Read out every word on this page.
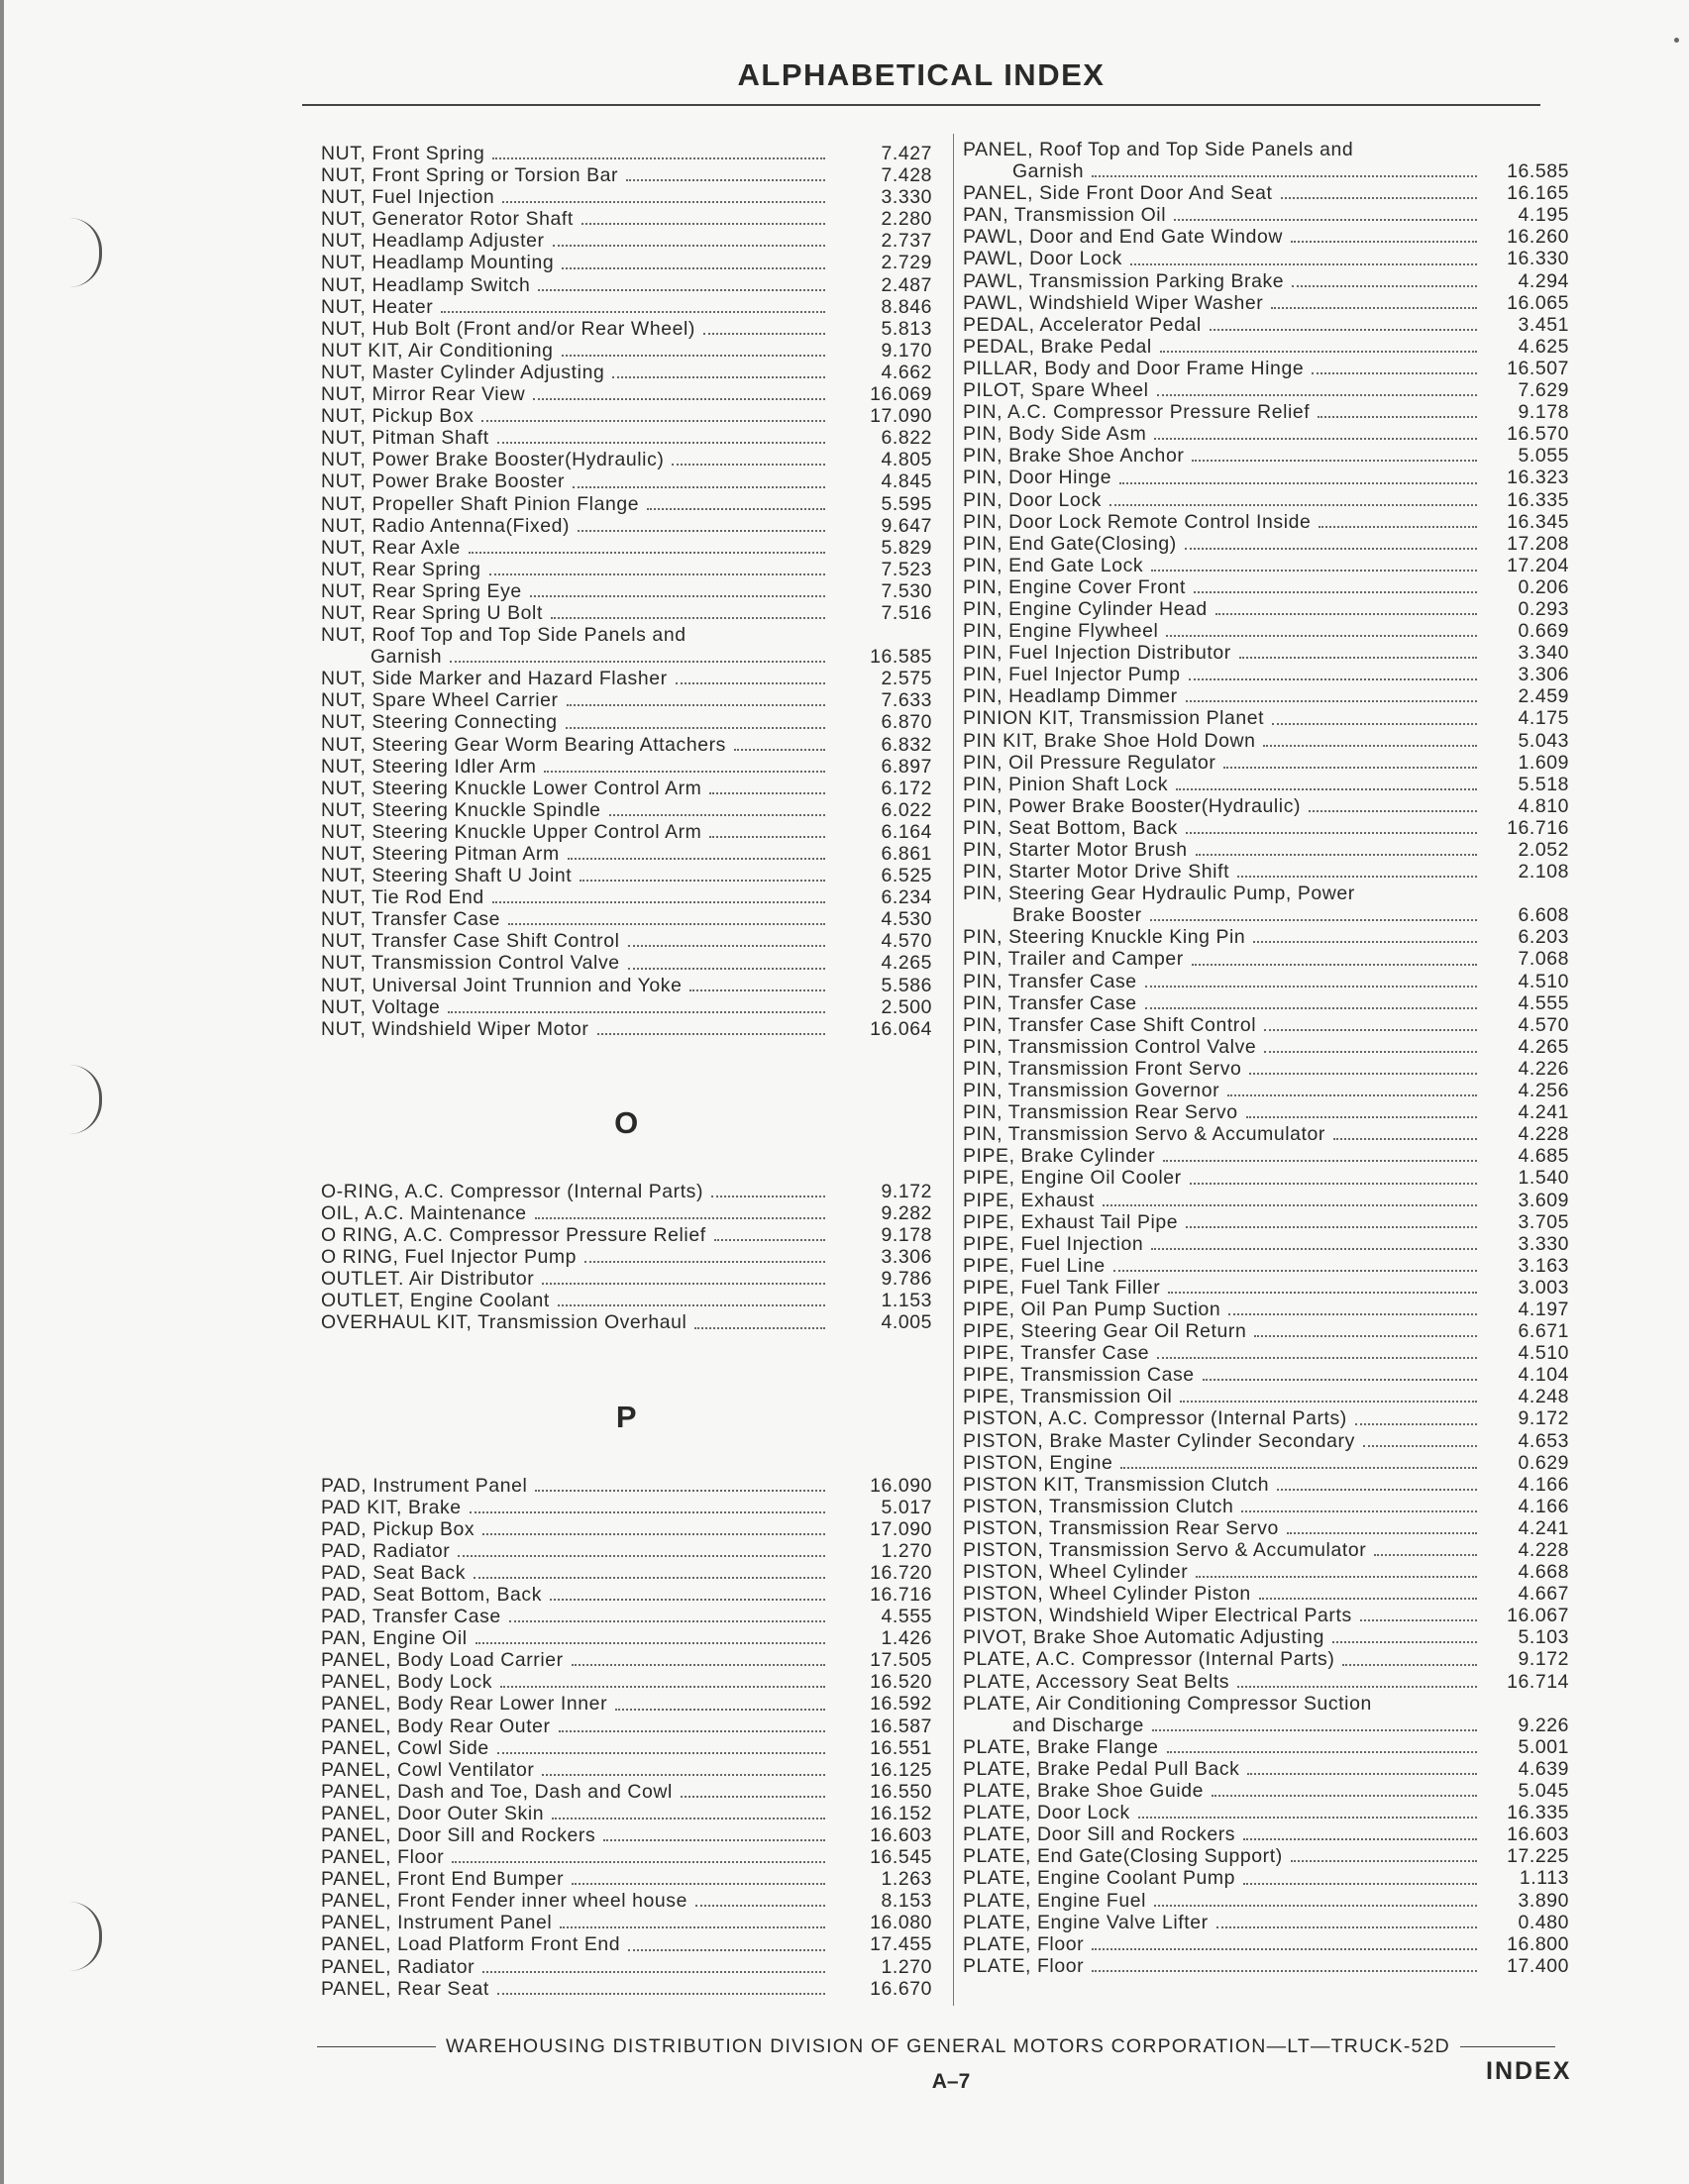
ALPHABETICAL INDEX
NUT, Front Spring	7.427
NUT, Front Spring or Torsion Bar	7.428
NUT, Fuel Injection	3.330
NUT, Generator Rotor Shaft	2.280
NUT, Headlamp Adjuster	2.737
NUT, Headlamp Mounting	2.729
NUT, Headlamp Switch	2.487
NUT, Heater	8.846
NUT, Hub Bolt (Front and/or Rear Wheel)	5.813
NUT KIT, Air Conditioning	9.170
NUT, Master Cylinder Adjusting	4.662
NUT, Mirror Rear View	16.069
NUT, Pickup Box	17.090
NUT, Pitman Shaft	6.822
NUT, Power Brake Booster(Hydraulic)	4.805
NUT, Power Brake Booster	4.845
NUT, Propeller Shaft Pinion Flange	5.595
NUT, Radio Antenna(Fixed)	9.647
NUT, Rear Axle	5.829
NUT, Rear Spring	7.523
NUT, Rear Spring Eye	7.530
NUT, Rear Spring U Bolt	7.516
NUT, Roof Top and Top Side Panels and
Garnish	16.585
NUT, Side Marker and Hazard Flasher	2.575
NUT, Spare Wheel Carrier	7.633
NUT, Steering Connecting	6.870
NUT, Steering Gear Worm Bearing Attachers	6.832
NUT, Steering Idler Arm	6.897
NUT, Steering Knuckle Lower Control Arm	6.172
NUT, Steering Knuckle Spindle	6.022
NUT, Steering Knuckle Upper Control Arm	6.164
NUT, Steering Pitman Arm	6.861
NUT, Steering Shaft U Joint	6.525
NUT, Tie Rod End	6.234
NUT, Transfer Case	4.530
NUT, Transfer Case Shift Control	4.570
NUT, Transmission Control Valve	4.265
NUT, Universal Joint Trunnion and Yoke	5.586
NUT, Voltage	2.500
NUT, Windshield Wiper Motor	16.064
O
O-RING, A.C. Compressor (Internal Parts)	9.172
OIL, A.C. Maintenance	9.282
O RING, A.C. Compressor Pressure Relief	9.178
O RING, Fuel Injector Pump	3.306
OUTLET. Air Distributor	9.786
OUTLET, Engine Coolant	1.153
OVERHAUL KIT, Transmission Overhaul	4.005
P
PAD, Instrument Panel	16.090
PAD KIT, Brake	5.017
PAD, Pickup Box	17.090
PAD, Radiator	1.270
PAD, Seat Back	16.720
PAD, Seat Bottom, Back	16.716
PAD, Transfer Case	4.555
PAN, Engine Oil	1.426
PANEL, Body Load Carrier	17.505
PANEL, Body Lock	16.520
PANEL, Body Rear Lower Inner	16.592
PANEL, Body Rear Outer	16.587
PANEL, Cowl Side	16.551
PANEL, Cowl Ventilator	16.125
PANEL, Dash and Toe, Dash and Cowl	16.550
PANEL, Door Outer Skin	16.152
PANEL, Door Sill and Rockers	16.603
PANEL, Floor	16.545
PANEL, Front End Bumper	1.263
PANEL, Front Fender inner wheel house	8.153
PANEL, Instrument Panel	16.080
PANEL, Load Platform Front End	17.455
PANEL, Radiator	1.270
PANEL, Rear Seat	16.670
PANEL, Roof Top and Top Side Panels and
Garnish	16.585
PANEL, Side Front Door And Seat	16.165
PAN, Transmission Oil	4.195
PAWL, Door and End Gate Window	16.260
PAWL, Door Lock	16.330
PAWL, Transmission Parking Brake	4.294
PAWL, Windshield Wiper Washer	16.065
PEDAL, Accelerator Pedal	3.451
PEDAL, Brake Pedal	4.625
PILLAR, Body and Door Frame Hinge	16.507
PILOT, Spare Wheel	7.629
PIN, A.C. Compressor Pressure Relief	9.178
PIN, Body Side Asm	16.570
PIN, Brake Shoe Anchor	5.055
PIN, Door Hinge	16.323
PIN, Door Lock	16.335
PIN, Door Lock Remote Control Inside	16.345
PIN, End Gate(Closing)	17.208
PIN, End Gate Lock	17.204
PIN, Engine Cover Front	0.206
PIN, Engine Cylinder Head	0.293
PIN, Engine Flywheel	0.669
PIN, Fuel Injection Distributor	3.340
PIN, Fuel Injector Pump	3.306
PIN, Headlamp Dimmer	2.459
PINION KIT, Transmission Planet	4.175
PIN KIT, Brake Shoe Hold Down	5.043
PIN, Oil Pressure Regulator	1.609
PIN, Pinion Shaft Lock	5.518
PIN, Power Brake Booster(Hydraulic)	4.810
PIN, Seat Bottom, Back	16.716
PIN, Starter Motor Brush	2.052
PIN, Starter Motor Drive Shift	2.108
PIN, Steering Gear Hydraulic Pump, Power
Brake Booster	6.608
PIN, Steering Knuckle King Pin	6.203
PIN, Trailer and Camper	7.068
PIN, Transfer Case	4.510
PIN, Transfer Case	4.555
PIN, Transfer Case Shift Control	4.570
PIN, Transmission Control Valve	4.265
PIN, Transmission Front Servo	4.226
PIN, Transmission Governor	4.256
PIN, Transmission Rear Servo	4.241
PIN, Transmission Servo & Accumulator	4.228
PIPE, Brake Cylinder	4.685
PIPE, Engine Oil Cooler	1.540
PIPE, Exhaust	3.609
PIPE, Exhaust Tail Pipe	3.705
PIPE, Fuel Injection	3.330
PIPE, Fuel Line	3.163
PIPE, Fuel Tank Filler	3.003
PIPE, Oil Pan Pump Suction	4.197
PIPE, Steering Gear Oil Return	6.671
PIPE, Transfer Case	4.510
PIPE, Transmission Case	4.104
PIPE, Transmission Oil	4.248
PISTON, A.C. Compressor (Internal Parts)	9.172
PISTON, Brake Master Cylinder Secondary	4.653
PISTON, Engine	0.629
PISTON KIT, Transmission Clutch	4.166
PISTON, Transmission Clutch	4.166
PISTON, Transmission Rear Servo	4.241
PISTON, Transmission Servo & Accumulator	4.228
PISTON, Wheel Cylinder	4.668
PISTON, Wheel Cylinder Piston	4.667
PISTON, Windshield Wiper Electrical Parts	16.067
PIVOT, Brake Shoe Automatic Adjusting	5.103
PLATE, A.C. Compressor (Internal Parts)	9.172
PLATE, Accessory Seat Belts	16.714
PLATE, Air Conditioning Compressor Suction
and Discharge	9.226
PLATE, Brake Flange	5.001
PLATE, Brake Pedal Pull Back	4.639
PLATE, Brake Shoe Guide	5.045
PLATE, Door Lock	16.335
PLATE, Door Sill and Rockers	16.603
PLATE, End Gate(Closing Support)	17.225
PLATE, Engine Coolant Pump	1.113
PLATE, Engine Fuel	3.890
PLATE, Engine Valve Lifter	0.480
PLATE, Floor	16.800
PLATE, Floor	17.400
WAREHOUSING DISTRIBUTION DIVISION OF GENERAL MOTORS CORPORATION—LT—TRUCK-52D
A–7	INDEX
